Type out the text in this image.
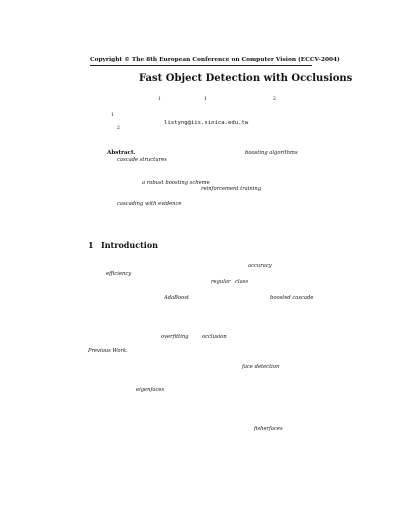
Copyright © The 8th European Conference on Computer Vision (ECCV-2004)
Fast Object Detection with Occlusions
1	1	2
1
listyng@iis.sinica.edu.tw
2
Abstract.	boosting algorithms
cascade structures
a robust boosting scheme
reinforcement training
cascading with evidence
1 Introduction
accuracy
efficiency
regular class
AdaBoost	boosted cascade
overfitting	occlusion
Previous Work.
face detection
eigenfaces
fisherfaces
